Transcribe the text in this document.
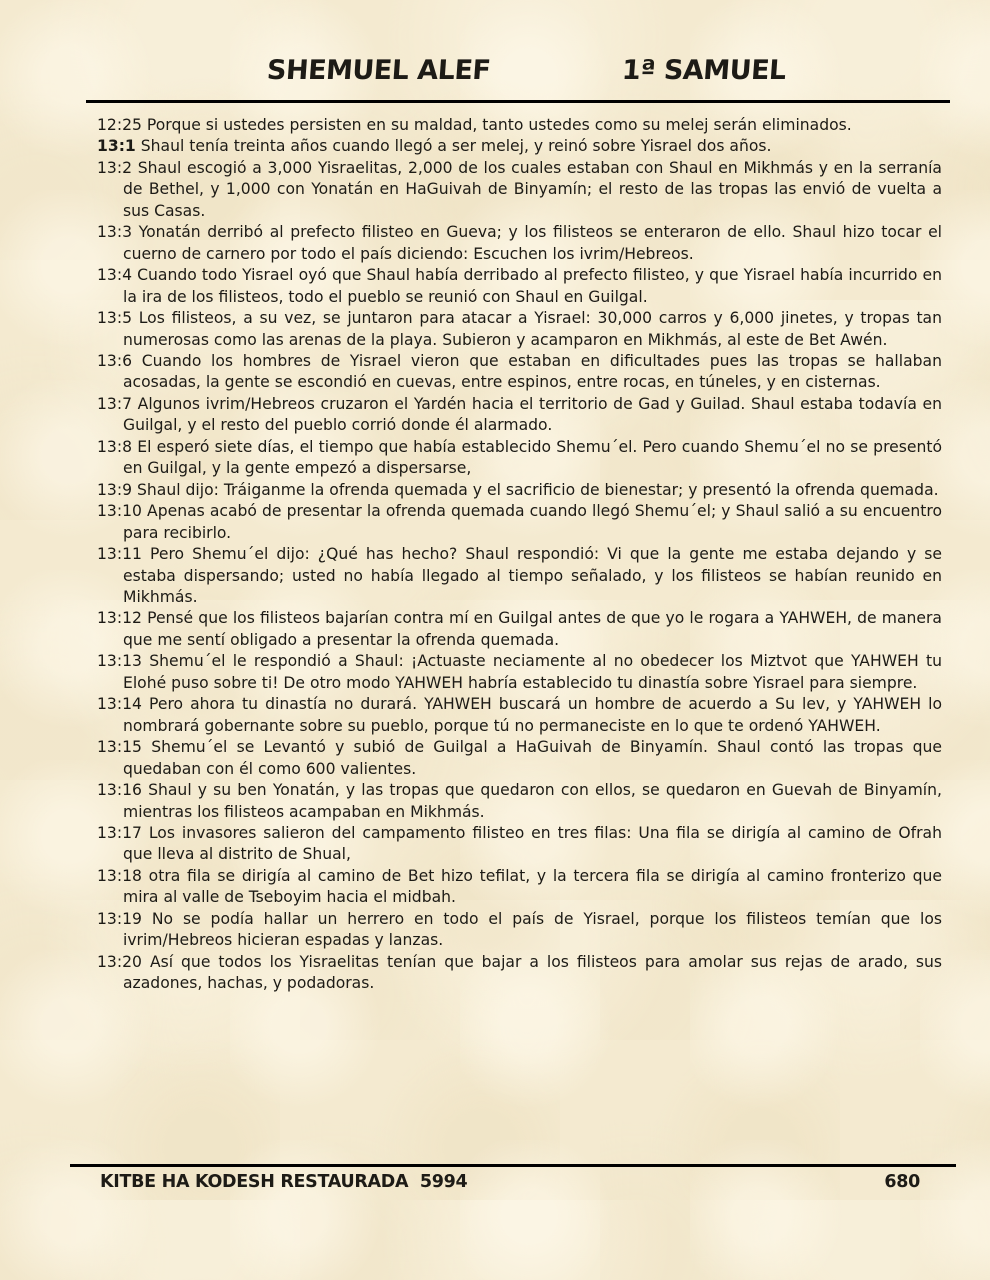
SHEMUEL ALEF	1ª SAMUEL

12:25 Porque si ustedes persisten en su maldad, tanto ustedes como su melej serán eliminados.

13:1 Shaul tenía treinta años cuando llegó a ser melej, y reinó sobre Yisrael dos años.

13:2 Shaul escogió a 3,000 Yisraelitas, 2,000 de los cuales estaban con Shaul en Mikhmás y en la serranía de Bethel, y 1,000 con Yonatán en HaGuivah de Binyamín; el resto de las tropas las envió de vuelta a sus Casas.

13:3 Yonatán derribó al prefecto filisteo en Gueva; y los filisteos se enteraron de ello. Shaul hizo tocar el cuerno de carnero por todo el país diciendo: Escuchen los ivrim/Hebreos.

13:4 Cuando todo Yisrael oyó que Shaul había derribado al prefecto filisteo, y que Yisrael había incurrido en la ira de los filisteos, todo el pueblo se reunió con Shaul en Guilgal.

13:5 Los filisteos, a su vez, se juntaron para atacar a Yisrael: 30,000 carros y 6,000 jinetes, y tropas tan numerosas como las arenas de la playa. Subieron y acamparon en Mikhmás, al este de Bet Awén.

13:6 Cuando los hombres de Yisrael vieron que estaban en dificultades pues las tropas se hallaban acosadas, la gente se escondió en cuevas, entre espinos, entre rocas, en túneles, y en cisternas.

13:7 Algunos ivrim/Hebreos cruzaron el Yardén hacia el territorio de Gad y Guilad. Shaul estaba todavía en Guilgal, y el resto del pueblo corrió donde él alarmado.

13:8 El esperó siete días, el tiempo que había establecido Shemu´el. Pero cuando Shemu´el no se presentó en Guilgal, y la gente empezó a dispersarse,

13:9 Shaul dijo: Tráiganme la ofrenda quemada y el sacrificio de bienestar; y presentó la ofrenda quemada.

13:10 Apenas acabó de presentar la ofrenda quemada cuando llegó Shemu´el; y Shaul salió a su encuentro para recibirlo.

13:11 Pero Shemu´el dijo: ¿Qué has hecho? Shaul respondió: Vi que la gente me estaba dejando y se estaba dispersando; usted no había llegado al tiempo señalado, y los filisteos se habían reunido en Mikhmás.

13:12 Pensé que los filisteos bajarían contra mí en Guilgal antes de que yo le rogara a YAHWEH, de manera que me sentí obligado a presentar la ofrenda quemada.

13:13 Shemu´el le respondió a Shaul: ¡Actuaste neciamente al no obedecer los Miztvot que YAHWEH tu Elohé puso sobre ti! De otro modo YAHWEH habría establecido tu dinastía sobre Yisrael para siempre.

13:14 Pero ahora tu dinastía no durará. YAHWEH buscará un hombre de acuerdo a Su lev, y YAHWEH lo nombrará gobernante sobre su pueblo, porque tú no permaneciste en lo que te ordenó YAHWEH.

13:15 Shemu´el se Levantó y subió de Guilgal a HaGuivah de Binyamín. Shaul contó las tropas que quedaban con él como 600 valientes.

13:16 Shaul y su ben Yonatán, y las tropas que quedaron con ellos, se quedaron en Guevah de Binyamín, mientras los filisteos acampaban en Mikhmás.

13:17 Los invasores salieron del campamento filisteo en tres filas: Una fila se dirigía al camino de Ofrah que lleva al distrito de Shual,

13:18 otra fila se dirigía al camino de Bet hizo tefilat, y la tercera fila se dirigía al camino fronterizo que mira al valle de Tseboyim hacia el midbah.

13:19 No se podía hallar un herrero en todo el país de Yisrael, porque los filisteos temían que los ivrim/Hebreos hicieran espadas y lanzas.

13:20 Así que todos los Yisraelitas tenían que bajar a los filisteos para amolar sus rejas de arado, sus azadones, hachas, y podadoras.

KITBE HA KODESH RESTAURADA  5994	680
